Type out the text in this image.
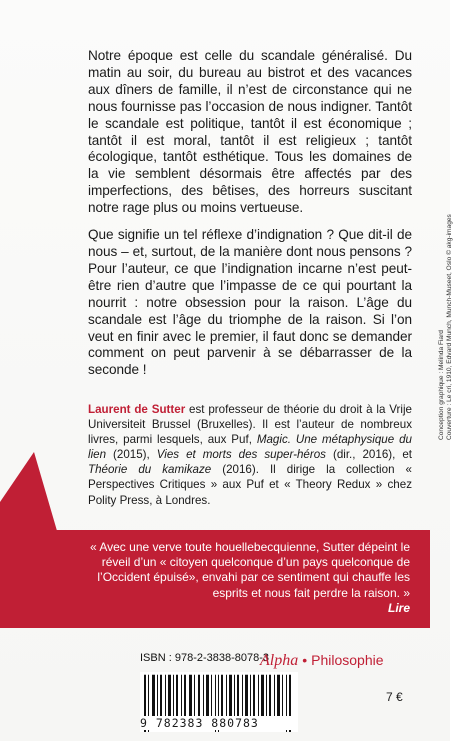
Notre époque est celle du scandale généralisé. Du matin au soir, du bureau au bistrot et des vacances aux dîners de famille, il n’est de circonstance qui ne nous fournisse pas l’occasion de nous indigner. Tantôt le scandale est politique, tantôt il est économique ; tantôt il est moral, tantôt il est religieux ; tantôt écologique, tantôt esthétique. Tous les domaines de la vie semblent désormais être affectés par des imperfections, des bêtises, des horreurs suscitant notre rage plus ou moins vertueuse.

Que signifie un tel réflexe d’indignation ? Que dit-il de nous – et, surtout, de la manière dont nous pensons ? Pour l’auteur, ce que l’indignation incarne n’est peut-être rien d’autre que l’impasse de ce qui pourtant la nourrit : notre obsession pour la raison. L’âge du scandale est l’âge du triomphe de la raison. Si l’on veut en finir avec le premier, il faut donc se demander comment on peut parvenir à se débarrasser de la seconde !

Laurent de Sutter est professeur de théorie du droit à la Vrije Universiteit Brussel (Bruxelles). Il est l’auteur de nombreux livres, parmi lesquels, aux Puf, Magic. Une métaphysique du lien (2015), Vies et morts des super-héros (dir., 2016), et Théorie du kamikaze (2016). Il dirige la collection « Perspectives Critiques » aux Puf et « Theory Redux » chez Polity Press, à Londres.
« Avec une verve toute houellebecquienne, Sutter dépeint le réveil d’un « citoyen quelconque d’un pays quelconque de l’Occident épuisé», envahi par ce sentiment qui chauffe les esprits et nous fait perdre la raison. »
Lire
Conception graphique : Melinda Fiard Couverture : Le cri, 1910, Edvard Munch, Munch-Museet, Oslo © akg-images
ISBN : 978-2-3838-8078-3
Alpha • Philosophie
9 782383 880783
7 €
